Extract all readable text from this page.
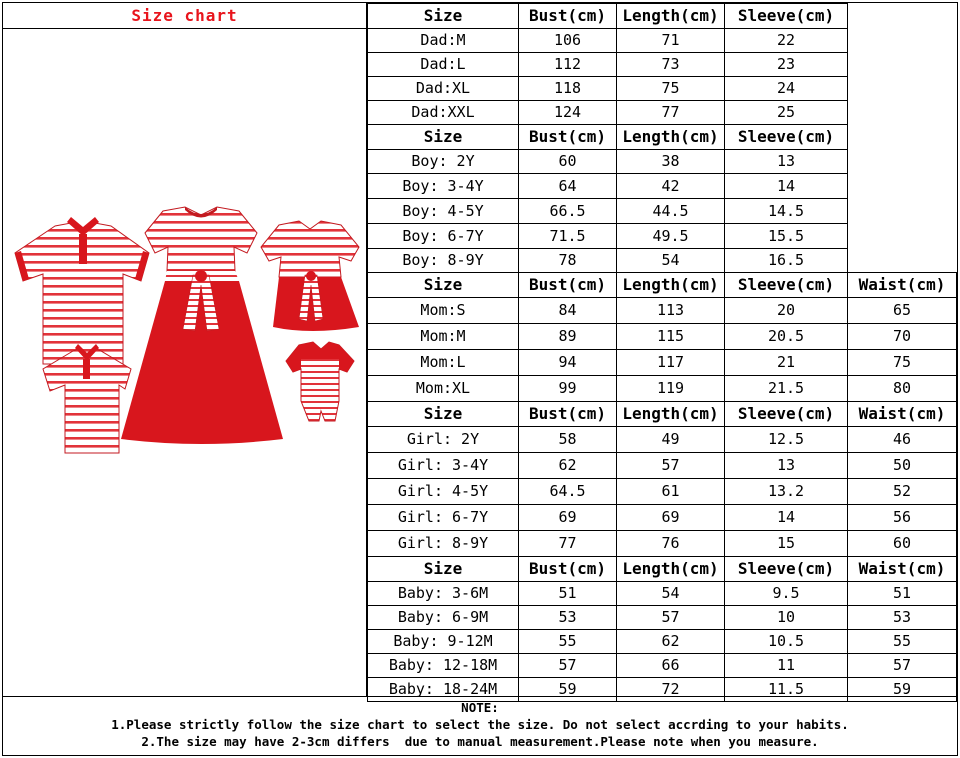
Size chart	Size	Bust(cm)	Length(cm)	Sleeve(cm)	
Dad:M	106	71	22	
Dad:L	112	73	23	
Dad:XL	118	75	24	
Dad:XXL	124	77	25	
Size	Bust(cm)	Length(cm)	Sleeve(cm)	
Boy: 2Y	60	38	13	
Boy: 3-4Y	64	42	14	
Boy: 4-5Y	66.5	44.5	14.5	
Boy: 6-7Y	71.5	49.5	15.5	
Boy: 8-9Y	78	54	16.5	
Size	Bust(cm)	Length(cm)	Sleeve(cm)	Waist(cm)
Mom:S	84	113	20	65
Mom:M	89	115	20.5	70
Mom:L	94	117	21	75
Mom:XL	99	119	21.5	80
Size	Bust(cm)	Length(cm)	Sleeve(cm)	Waist(cm)
Girl: 2Y	58	49	12.5	46
Girl: 3-4Y	62	57	13	50
Girl: 4-5Y	64.5	61	13.2	52
Girl: 6-7Y	69	69	14	56
Girl: 8-9Y	77	76	15	60
Size	Bust(cm)	Length(cm)	Sleeve(cm)	Waist(cm)
Baby: 3-6M	51	54	9.5	51
Baby: 6-9M	53	57	10	53
Baby: 9-12M	55	62	10.5	55
Baby: 12-18M	57	66	11	57
Baby: 18-24M	59	72	11.5	59
NOTE:
1.Please strictly follow the size chart to select the size. Do not select accrding to your habits.
2.The size may have 2-3cm differs  due to manual measurement.Please note when you measure.
